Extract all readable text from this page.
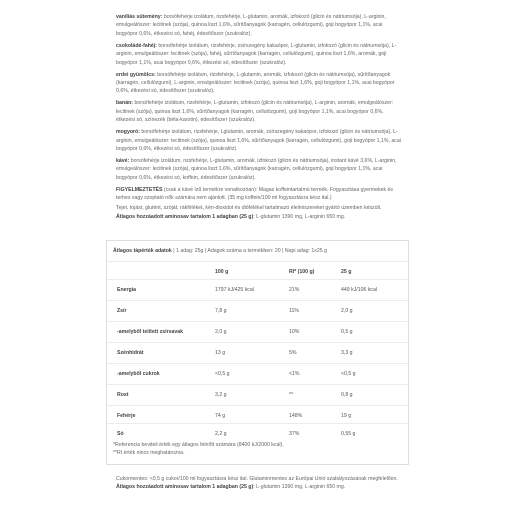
vaníliás sütemény: borsófehérje izolátum, rizsfehérje, L-glutamin, aromák, izfokozó (glicin és nátriumsója), L-arginin, emulgeálószer: lecitinek (szója), quinoa liszt 1,6%, sűrítőanyagok (karragén, cellulózgumi), goji bogyópor 1,1%, acai bogyópor 0,6%, étkezési só, fahéj, édesítőszer (szukralóz).
csokoládé-fahéj: borsófehérje izolátum, rizsfehérje, zsírszegény kakaópor, L-glutamin, izfokozó (glicin és nátriumsója), L-arginin, emulgeálószer: lecitinek (szója), fahéj, sűrítőanyagok (karragén, cellulózgumi), quinoa liszt 1,6%, aromák, goji bogyópor 1,1%, acai bogyópor 0,6%, étkezési só, édesítőszer (szukralóz).
erdei gyümölcs: borsófehérje izolátum, rizsfehérje, L-glutamin, aromák, izfokozó (glicin és nátriumsója), sűrítőanyagok (karragén, cellulózgumi), L-arginin, emulgeálószer: lecitinek (szója), quinoa liszt 1,6%, goji bogyópor 1,1%, acai bogyópor 0,6%, étkezési só, édesítőszer (szukralóz).
banán: borsófehérje izolátum, rizsfehérje, L-glutamin, izfokozó (glicin és nátriumsója), L-arginin, aromák, emulgeálószer: lecitinek (szója), quinoa liszt 1,6%, sűrítőanyagok (karragén, cellulózgumi), goji bogyópor 1,1%, acai bogyópor 0,6%, étkezési só, színezék (béta-karotin), édesítőszer (szukralóz).
mogyoró: borsófehérje izolátum, rizsfehérje, Lglutamin, aromák, zsírszegény kakaópor, izfokozó (glicin és nátriumsója), L-arginin, emulgeálószer: lecitinek (szója), quinoa liszt 1,6%, sűrítőanyagok (karragén, cellulózgumi), goji bogyópor 1,1%, acai bogyópor 0,6%, étkezési só, édesítőszer (szukralóz).
kávé: borsófehérje izolátum, rizsfehérje, L-glutamin, aromák, izfokozó (glicin és nátriumsója), instant kávé 3,6%, L-arginin, emulgeálószer: lecitinek (szója), quinoa liszt 1,6%, sűrítőanyagok (karragén, cellulózgumi), goji bogyópor 1,1%, acai bogyópor 0,6%, étkezési só, koffein, édesítőszer (szukralóz).
FIGYELMEZTETÉS (csak a kávé ízű termékre vonatkozóan): Magas koffeintartalmú termék. Fogyasztása gyermekek és terhes vagy szoptató nők számára nem ajánlott. (35 mg koffein/100 ml fogyasztásra kész ital.)
Tejet, tojást, glutént, szóját, rákféléket, kén-dioxidot és diófélékel tartalmazó élelmiszereket gyártó üzemben készült.
Átlagos hozzáadott aminosav tartalom 1 adagban (25 g): L-glutamin 1390 mg, L-arginin 650 mg.
Átlagos tápérték adatok | 1 adag: 25g | Adagok száma a termékben: 20 | Napi adag: 1x25 g
100 g	RI* (100 g)	25 g
Energia	1797 kJ/425 kcal	21%	449 kJ/106 kcal
Zsír	7,8 g	11%	2,0 g
-amelyből telített zsírsavak	2,0 g	10%	0,5 g
Szénhidrát	13 g	5%	3,3 g
-amelyből cukrok	<0,5 g	<1%	<0,5 g
Rost	3,2 g	**	0,8 g
Fehérje	74 g	148%	19 g
Só	2,2 g	37%	0,55 g
*Referencia beviteli érték egy átlagos felnőtt számára (8400 kJ/2000 kcal).
**RI érték nincs meghatározva.

Cukormentes: <0,5 g cukor/100 ml fogyasztásra kész ital. Glutaminmentes az Európai Unió szabályozásának megfelelően.

Átlagos hozzáadott aminosav tartalom 1 adagban (25 g): L-glutamin 1390 mg, L-arginin 650 mg.
